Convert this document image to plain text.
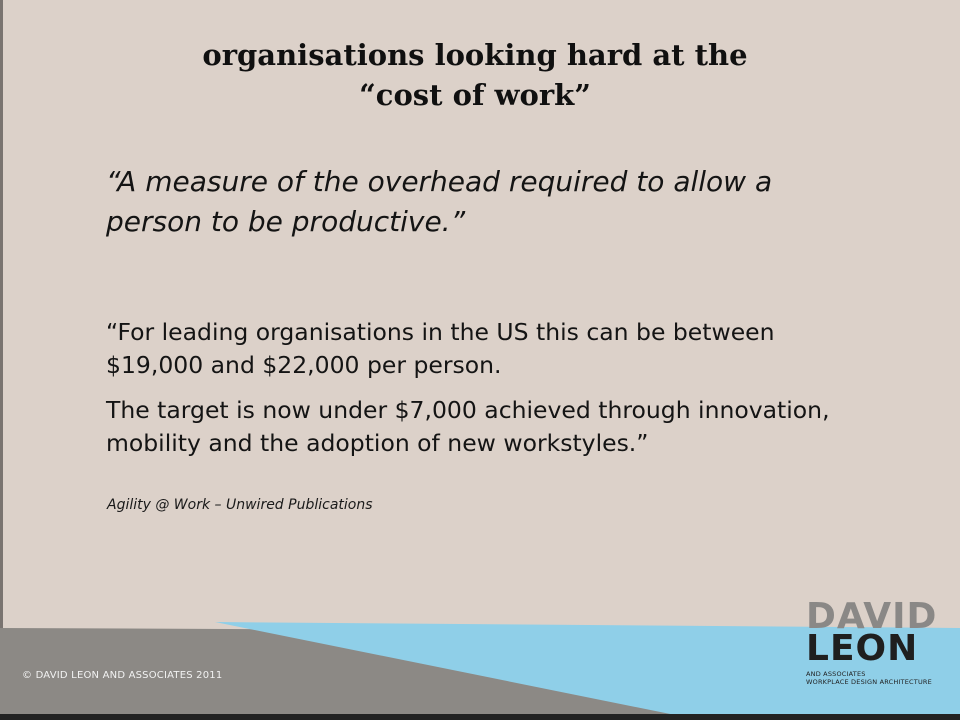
organisations looking hard at the
“cost of work”
“A measure of the overhead required to allow a
person to be productive.”

“For leading organisations in the US this can be between $19,000 and $22,000 per person.

The target is now under $7,000 achieved through innovation, mobility and the adoption of new workstyles.”

Agility @ Work – Unwired Publications
© DAVID LEON AND ASSOCIATES 2011
DAVID
LEON
AND ASSOCIATES
WORKPLACE DESIGN ARCHITECTURE
